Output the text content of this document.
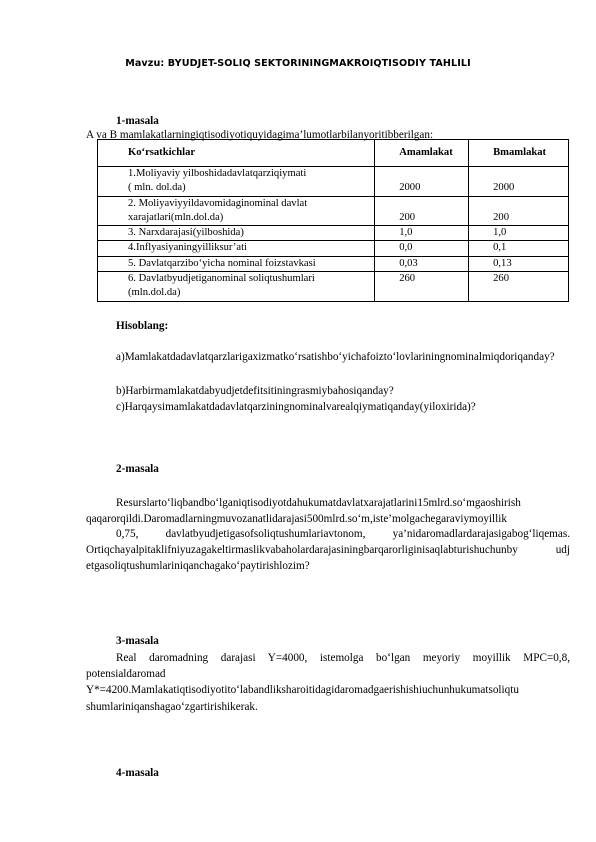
Mavzu: BYUDJET-SOLIQ SEKTORININGMAKROIQTISODIY TAHLILI
1-masala
A va B mamlakatlarningiqtisodiyotiquyidagima’lumotlarbilanyoritibberilgan:
Ko‘rsatkichlar	Amamlakat	Bmamlakat

1.Moliyaviy yilboshidadavlatqarziqiymati
( mln. dol.da)	2000	2000

2. Moliyaviyyildavomidaginominal davlat
xarajatlari(mln.dol.da)	200	200
3. Narxdarajasi(yilboshida)	1,0	1,0
4.Inflyasiyaningyilliksur’ati	0,0	0,1
5. Davlatqarzibo‘yicha nominal foizstavkasi	0,03	0,13

6. Davlatbyudjetiganominal soliqtushumlari
(mln.dol.da)	260	260
Hisoblang:
a)Mamlakatdadavlatqarzlarigaxizmatko‘rsatishbo‘yichafoizto‘lovlariningnominalmiqdoriqanday?
b)Harbirmamlakatdabyudjetdefitsitiningrasmiybahosiqanday?
c)Harqaysimamlakatdadavlatqarziningnominalvarealqiymatiqanday(yiloxirida)?
2-masala
Resurslarto‘liqbandbo‘lganiqtisodiyotdahukumatdavlatxarajatlarini15mlrd.so‘mgaoshirish qaqarorqildi.Daromadlarningmuvozanatlidarajasi500mlrd.so‘m,iste’molgachegaraviymoyillik
0,75, davlatbyudjetigasofsoliqtushumlariavtonom, ya’nidaromadlardarajasigabog‘liqemas. Ortiqchayalpitaklifniyuzagakeltirmaslikvabaholardarajasiningbarqarorliginisaqlabturishuchunby udj etgasoliqtushumlariniqanchagako‘paytirishlozim?
3-masala
Real daromadning darajasi Y=4000, istemolga bo‘lgan meyoriy moyillik MPC=0,8, potensialdaromad Y*=4200.Mamlakatiqtisodiyotito‘labandliksharoitidagidaromadgaerishishiuchunhukumatsoliqtu shumlariniqanshagao‘zgartirishikerak.
4-masala
